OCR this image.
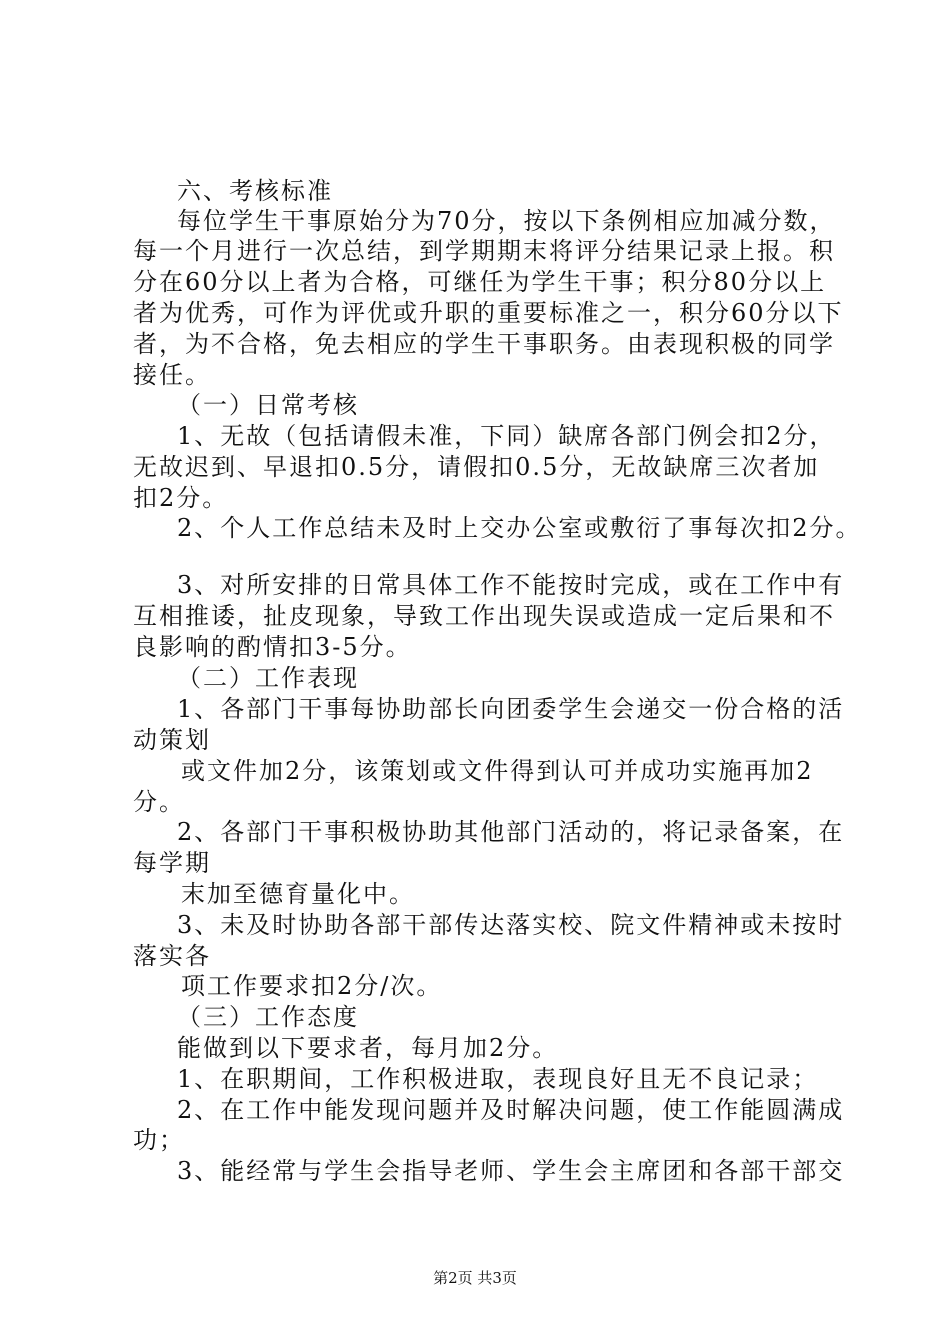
六、考核标准
每位学生干事原始分为70分，按以下条例相应加减分数，
每一个月进行一次总结，到学期期末将评分结果记录上报。积
分在60分以上者为合格，可继任为学生干事；积分80分以上
者为优秀，可作为评优或升职的重要标准之一，积分60分以下
者，为不合格，免去相应的学生干事职务。由表现积极的同学
接任。
（一）日常考核
1、无故（包括请假未准，下同）缺席各部门例会扣2分，
无故迟到、早退扣0.5分，请假扣0.5分，无故缺席三次者加
扣2分。
2、个人工作总结未及时上交办公室或敷衍了事每次扣2分。
3、对所安排的日常具体工作不能按时完成，或在工作中有
互相推诿，扯皮现象，导致工作出现失误或造成一定后果和不
良影响的酌情扣3-5分。
（二）工作表现
1、各部门干事每协助部长向团委学生会递交一份合格的活
动策划
或文件加2分，该策划或文件得到认可并成功实施再加2
分。
2、各部门干事积极协助其他部门活动的，将记录备案，在
每学期
末加至德育量化中。
3、未及时协助各部干部传达落实校、院文件精神或未按时
落实各
项工作要求扣2分/次。
（三）工作态度
能做到以下要求者，每月加2分。
1、在职期间，工作积极进取，表现良好且无不良记录；
2、在工作中能发现问题并及时解决问题，使工作能圆满成
功；
3、能经常与学生会指导老师、学生会主席团和各部干部交
第2页 共3页
